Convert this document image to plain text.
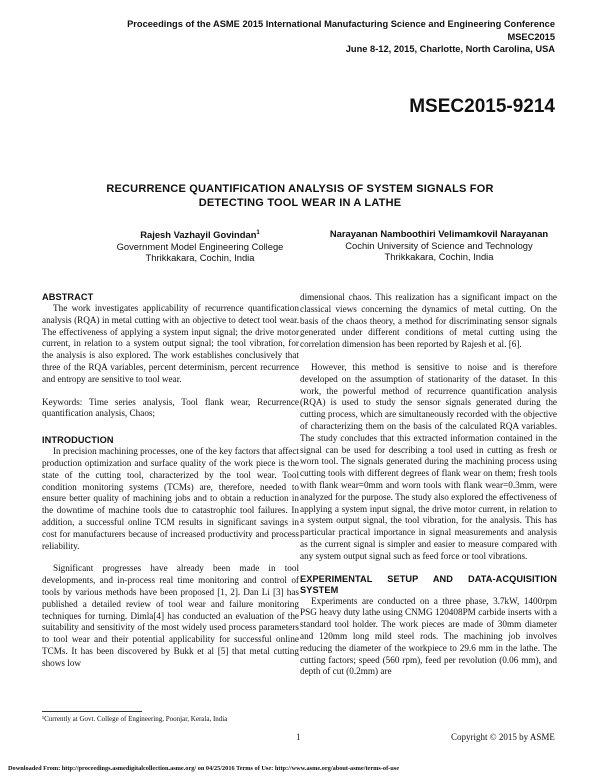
Proceedings of the ASME 2015 International Manufacturing Science and Engineering Conference
MSEC2015
June 8-12, 2015, Charlotte, North Carolina, USA
MSEC2015-9214
RECURRENCE QUANTIFICATION ANALYSIS OF SYSTEM SIGNALS FOR
DETECTING TOOL WEAR IN A LATHE
Rajesh Vazhayil Govindan$^1$
Government Model Engineering College
Thrikkakara, Cochin, India
Narayanan Namboothiri Velimamkovil Narayanan
Cochin University of Science and Technology
Thrikkakara, Cochin, India
ABSTRACT

The work investigates applicability of recurrence quantification analysis (RQA) in metal cutting with an objective to detect tool wear. The effectiveness of applying a system input signal; the drive motor current, in relation to a system output signal; the tool vibration, for the analysis is also explored. The work establishes conclusively that three of the RQA variables, percent determinism, percent recurrence and entropy are sensitive to tool wear.

Keywords: Time series analysis, Tool flank wear, Recurrence quantification analysis, Chaos;

INTRODUCTION

In precision machining processes, one of the key factors that affect production optimization and surface quality of the work piece is the state of the cutting tool, characterized by the tool wear. Tool condition monitoring systems (TCMs) are, therefore, needed to ensure better quality of machining jobs and to obtain a reduction in the downtime of machine tools due to catastrophic tool failures. In addition, a successful online TCM results in significant savings in cost for manufacturers because of increased productivity and process reliability.

Significant progresses have already been made in tool developments, and in-process real time monitoring and control of tools by various methods have been proposed [1, 2]. Dan Li [3] has published a detailed review of tool wear and failure monitoring techniques for turning. Dimla[4] has conducted an evaluation of the suitability and sensitivity of the most widely used process parameters to tool wear and their potential applicability for successful online TCMs. It has been discovered by Bukk et al [5] that metal cutting shows low

dimensional chaos. This realization has a significant impact on the classical views concerning the dynamics of metal cutting. On the basis of the chaos theory, a method for discriminating sensor signals generated under different conditions of metal cutting using the correlation dimension has been reported by Rajesh et al. [6].

However, this method is sensitive to noise and is therefore developed on the assumption of stationarity of the dataset. In this work, the powerful method of recurrence quantification analysis (RQA) is used to study the sensor signals generated during the cutting process, which are simultaneously recorded with the objective of characterizing them on the basis of the calculated RQA variables. The study concludes that this extracted information contained in the signal can be used for describing a tool used in cutting as fresh or worn tool. The signals generated during the machining process using cutting tools with different degrees of flank wear on them; fresh tools with flank wear=0mm and worn tools with flank wear=0.3mm, were analyzed for the purpose. The study also explored the effectiveness of applying a system input signal, the drive motor current, in relation to a system output signal, the tool vibration, for the analysis. This has particular practical importance in signal measurements and analysis as the current signal is simpler and easier to measure compared with any system output signal such as feed force or tool vibrations.

EXPERIMENTAL SETUP AND DATA-ACQUISITION SYSTEM

Experiments are conducted on a three phase, 3.7kW, 1400rpm PSG heavy duty lathe using CNMG 120408PM carbide inserts with a standard tool holder. The work pieces are made of 30mm diameter and 120mm long mild steel rods. The machining job involves reducing the diameter of the workpiece to 29.6 mm in the lathe. The cutting factors; speed (560 rpm), feed per revolution (0.06 mm), and depth of cut (0.2mm) are

¹Currently at Govt. College of Engineering, Poonjar, Kerala, India
1	Copyright © 2015 by ASME
Downloaded From: http://proceedings.asmedigitalcollection.asme.org/ on 04/25/2016 Terms of Use: http://www.asme.org/about-asme/terms-of-use
